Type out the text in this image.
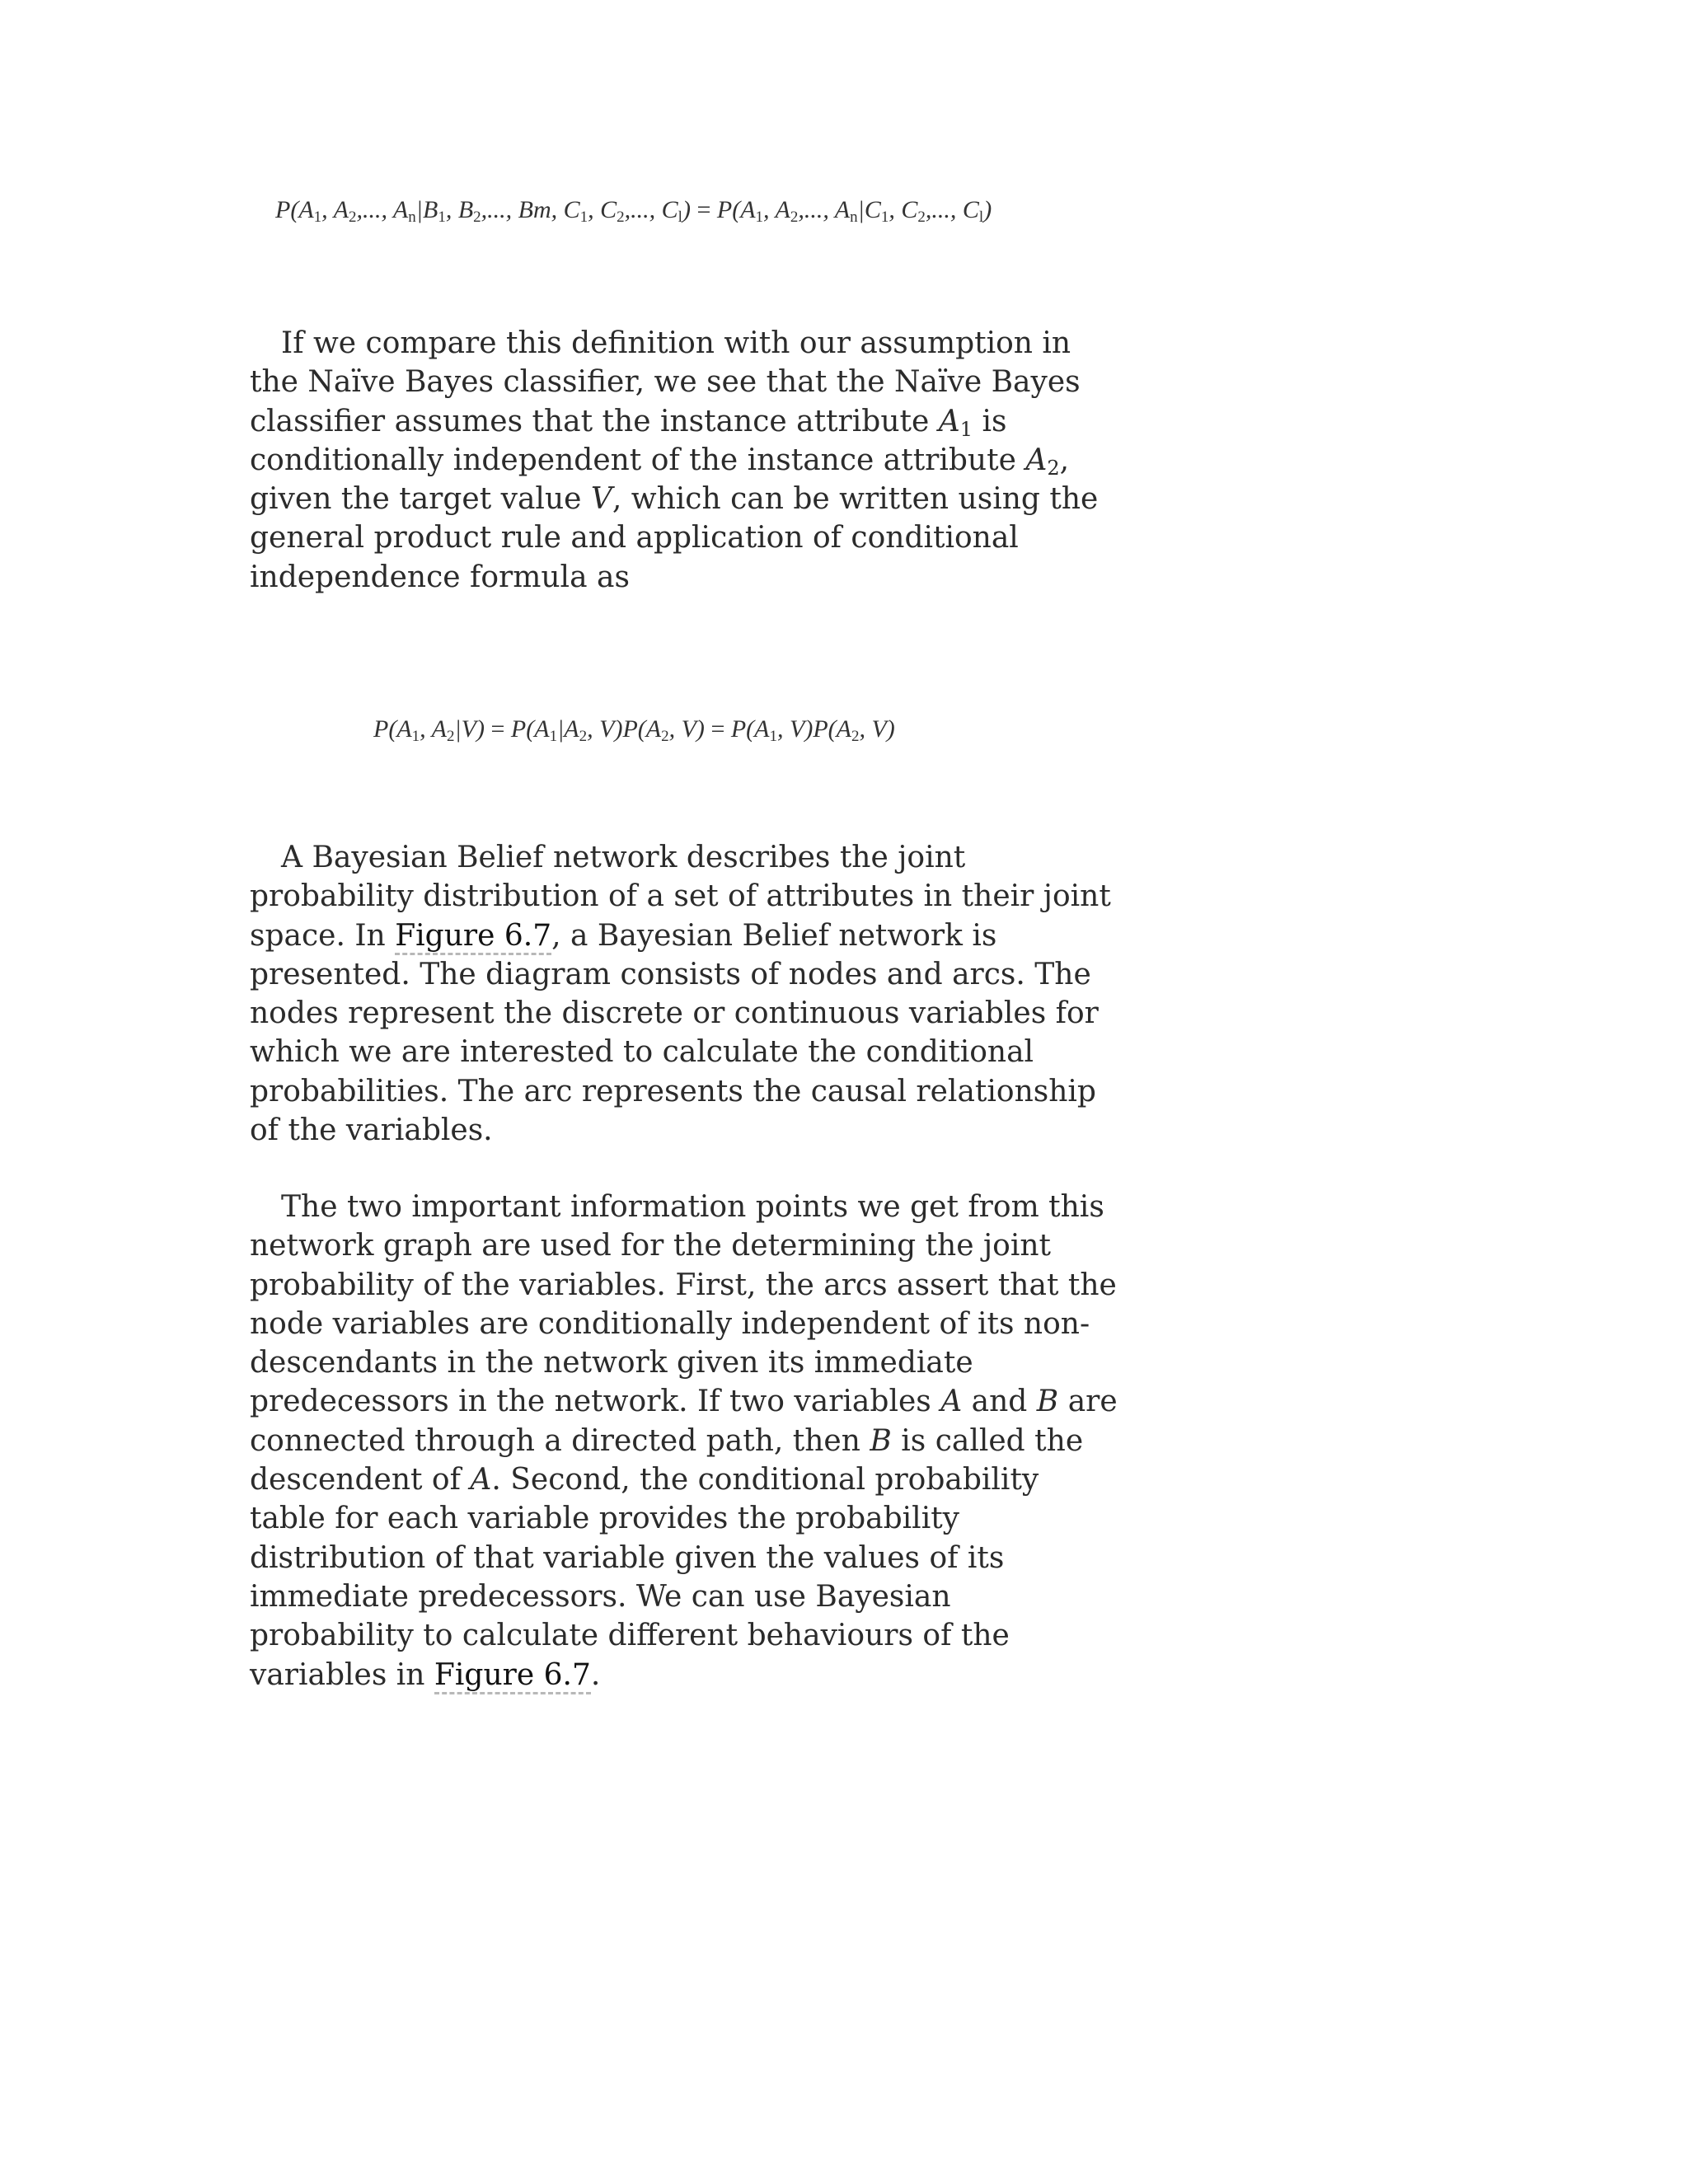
$P(A_1$, $A_2$,..., $A_n|B_1$, $B_2$,..., Bm, $C_1$, $C_2$,..., $C_l) = P(A_1$, $A_2$,..., $A_n|C_1$, $C_2$,..., $C_l$)
If we compare this definition with our assumption in
the Naïve Bayes classifier, we see that the Naïve Bayes
classifier assumes that the instance attribute $A_1$ is
conditionally independent of the instance attribute $A_2$,
given the target value V, which can be written using the
general product rule and application of conditional
independence formula as
$P(A_1$, $A_2|V) = P(A_1|A_2$, $V)P(A_2$, $V) = P(A_1$, $V)P(A_2$, V)
A Bayesian Belief network describes the joint
probability distribution of a set of attributes in their joint
space. In Figure 6.7, a Bayesian Belief network is
presented. The diagram consists of nodes and arcs. The
nodes represent the discrete or continuous variables for
which we are interested to calculate the conditional
probabilities. The arc represents the causal relationship
of the variables.
The two important information points we get from this
network graph are used for the determining the joint
probability of the variables. First, the arcs assert that the
node variables are conditionally independent of its non-
descendants in the network given its immediate
predecessors in the network. If two variables A and B are
connected through a directed path, then B is called the
descendent of A. Second, the conditional probability
table for each variable provides the probability
distribution of that variable given the values of its
immediate predecessors. We can use Bayesian
probability to calculate different behaviours of the
variables in Figure 6.7.
